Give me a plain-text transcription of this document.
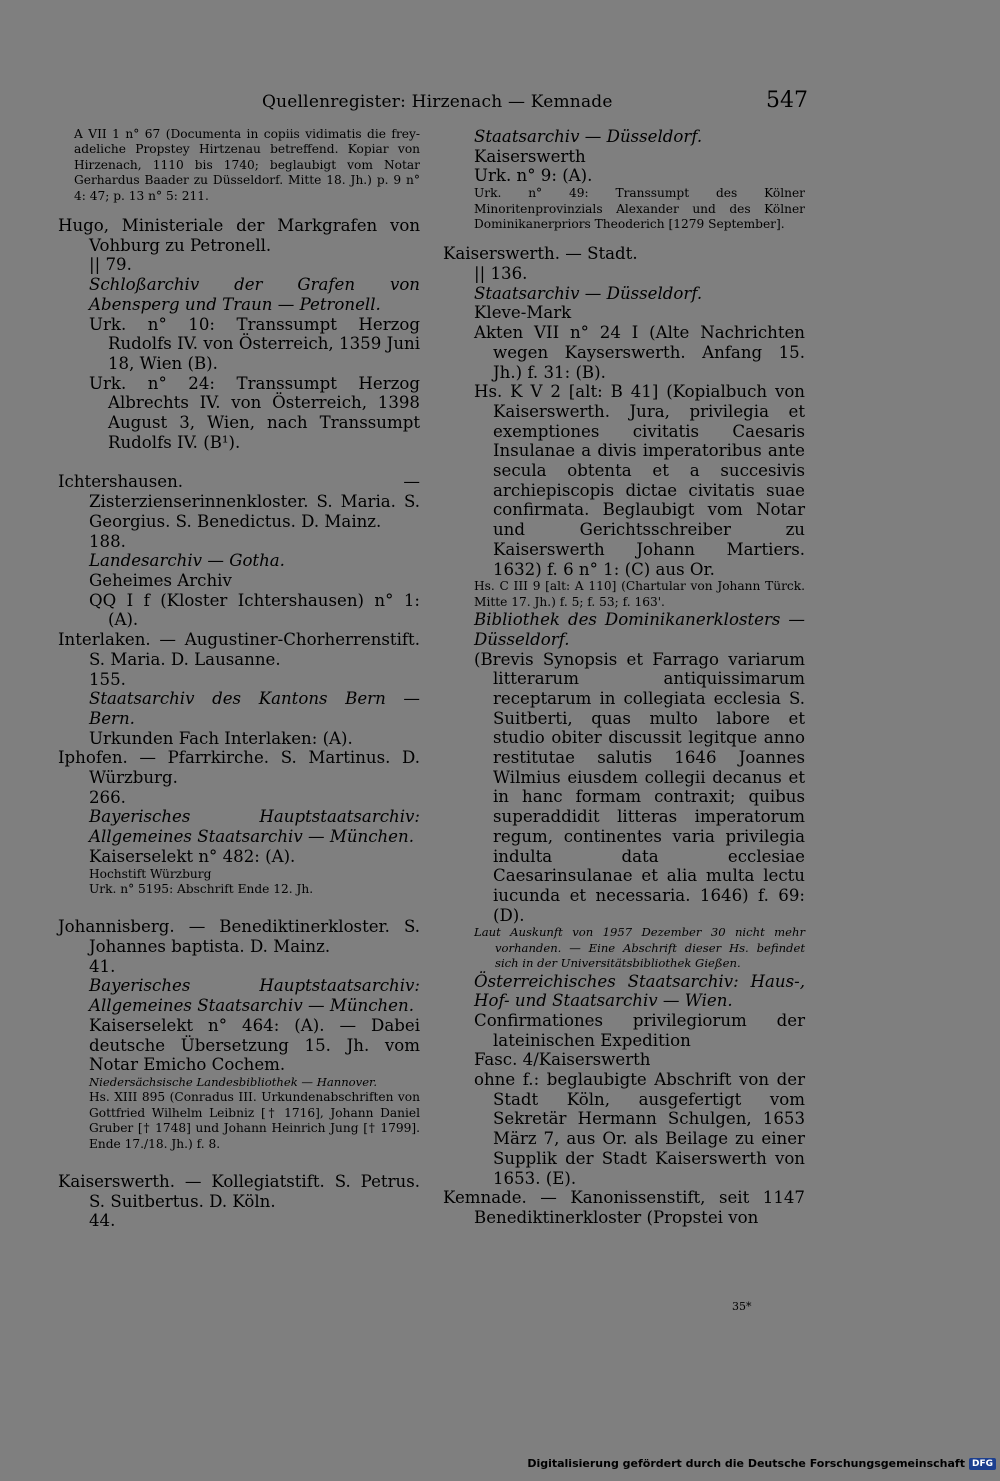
Quellenregister: Hirzenach — Kemnade	547
A VII 1 n° 67 (Documenta in copiis vidimatis die frey-adeliche Propstey Hirtzenau betreffend. Kopiar von Hirzenach, 1110 bis 1740; beglaubigt vom Notar Gerhardus Baader zu Düsseldorf. Mitte 18. Jh.) p. 9 n° 4: 47; p. 13 n° 5: 211.
Hugo, Ministeriale der Markgrafen von Vohburg zu Petronell.
|| 79.
Schloßarchiv der Grafen von Abensperg und Traun — Petronell.
Urk. n° 10: Transsumpt Herzog Rudolfs IV. von Österreich, 1359 Juni 18, Wien (B).
Urk. n° 24: Transsumpt Herzog Albrechts IV. von Österreich, 1398 August 3, Wien, nach Transsumpt Rudolfs IV. (B¹).
Ichtershausen. — Zisterzienserinnenkloster. S. Maria. S. Georgius. S. Benedictus. D. Mainz.
188.
Landesarchiv — Gotha.
Geheimes Archiv
QQ I f (Kloster Ichtershausen) n° 1: (A).
Interlaken. — Augustiner-Chorherrenstift. S. Maria. D. Lausanne.
155.
Staatsarchiv des Kantons Bern — Bern.
Urkunden Fach Interlaken: (A).
Iphofen. — Pfarrkirche. S. Martinus. D. Würzburg.
266.
Bayerisches Hauptstaatsarchiv: Allgemeines Staatsarchiv — München.
Kaiserselekt n° 482: (A).
Hochstift Würzburg
Urk. n° 5195: Abschrift Ende 12. Jh.
Johannisberg. — Benediktinerkloster. S. Johannes baptista. D. Mainz.
41.
Bayerisches Hauptstaatsarchiv: Allgemeines Staatsarchiv — München.
Kaiserselekt n° 464: (A). — Dabei deutsche Übersetzung 15. Jh. vom Notar Emicho Cochem.
Niedersächsische Landesbibliothek — Hannover.
Hs. XIII 895 (Conradus III. Urkundenabschriften von Gottfried Wilhelm Leibniz [† 1716], Johann Daniel Gruber [† 1748] und Johann Heinrich Jung [† 1799]. Ende 17./18. Jh.) f. 8.
Kaiserswerth. — Kollegiatstift. S. Petrus. S. Suitbertus. D. Köln.
44.
Staatsarchiv — Düsseldorf.
Kaiserswerth
Urk. n° 9: (A).
Urk. n° 49: Transsumpt des Kölner Minoritenprovinzials Alexander und des Kölner Dominikanerpriors Theoderich [1279 September].
Kaiserswerth. — Stadt.
|| 136.
Staatsarchiv — Düsseldorf.
Kleve-Mark
Akten VII n° 24 I (Alte Nachrichten wegen Kayserswerth. Anfang 15. Jh.) f. 31: (B).
Hs. K V 2 [alt: B 41] (Kopialbuch von Kaiserswerth. Jura, privilegia et exemptiones civitatis Caesaris Insulanae a divis imperatoribus ante secula obtenta et a succesivis archiepiscopis dictae civitatis suae confirmata. Beglaubigt vom Notar und Gerichtsschreiber zu Kaiserswerth Johann Martiers. 1632) f. 6 n° 1: (C) aus Or.
Hs. C III 9 [alt: A 110] (Chartular von Johann Türck. Mitte 17. Jh.) f. 5; f. 53; f. 163'.
Bibliothek des Dominikanerklosters — Düsseldorf.
(Brevis Synopsis et Farrago variarum litterarum antiquissimarum receptarum in collegiata ecclesia S. Suitberti, quas multo labore et studio obiter discussit legitque anno restitutae salutis 1646 Joannes Wilmius eiusdem collegii decanus et in hanc formam contraxit; quibus superaddidit litteras imperatorum regum, continentes varia privilegia indulta data ecclesiae Caesarinsulanae et alia multa lectu iucunda et necessaria. 1646) f. 69: (D).
Laut Auskunft von 1957 Dezember 30 nicht mehr vorhanden. — Eine Abschrift dieser Hs. befindet sich in der Universitätsbibliothek Gießen.
Österreichisches Staatsarchiv: Haus-, Hof- und Staatsarchiv — Wien.
Confirmationes privilegiorum der lateinischen Expedition
Fasc. 4/Kaiserswerth
ohne f.: beglaubigte Abschrift von der Stadt Köln, ausgefertigt vom Sekretär Hermann Schulgen, 1653 März 7, aus Or. als Beilage zu einer Supplik der Stadt Kaiserswerth von 1653. (E).
Kemnade. — Kanonissenstift, seit 1147 Benediktinerkloster (Propstei von
35*
Digitalisierung gefördert durch die Deutsche Forschungsgemeinschaft DFG
